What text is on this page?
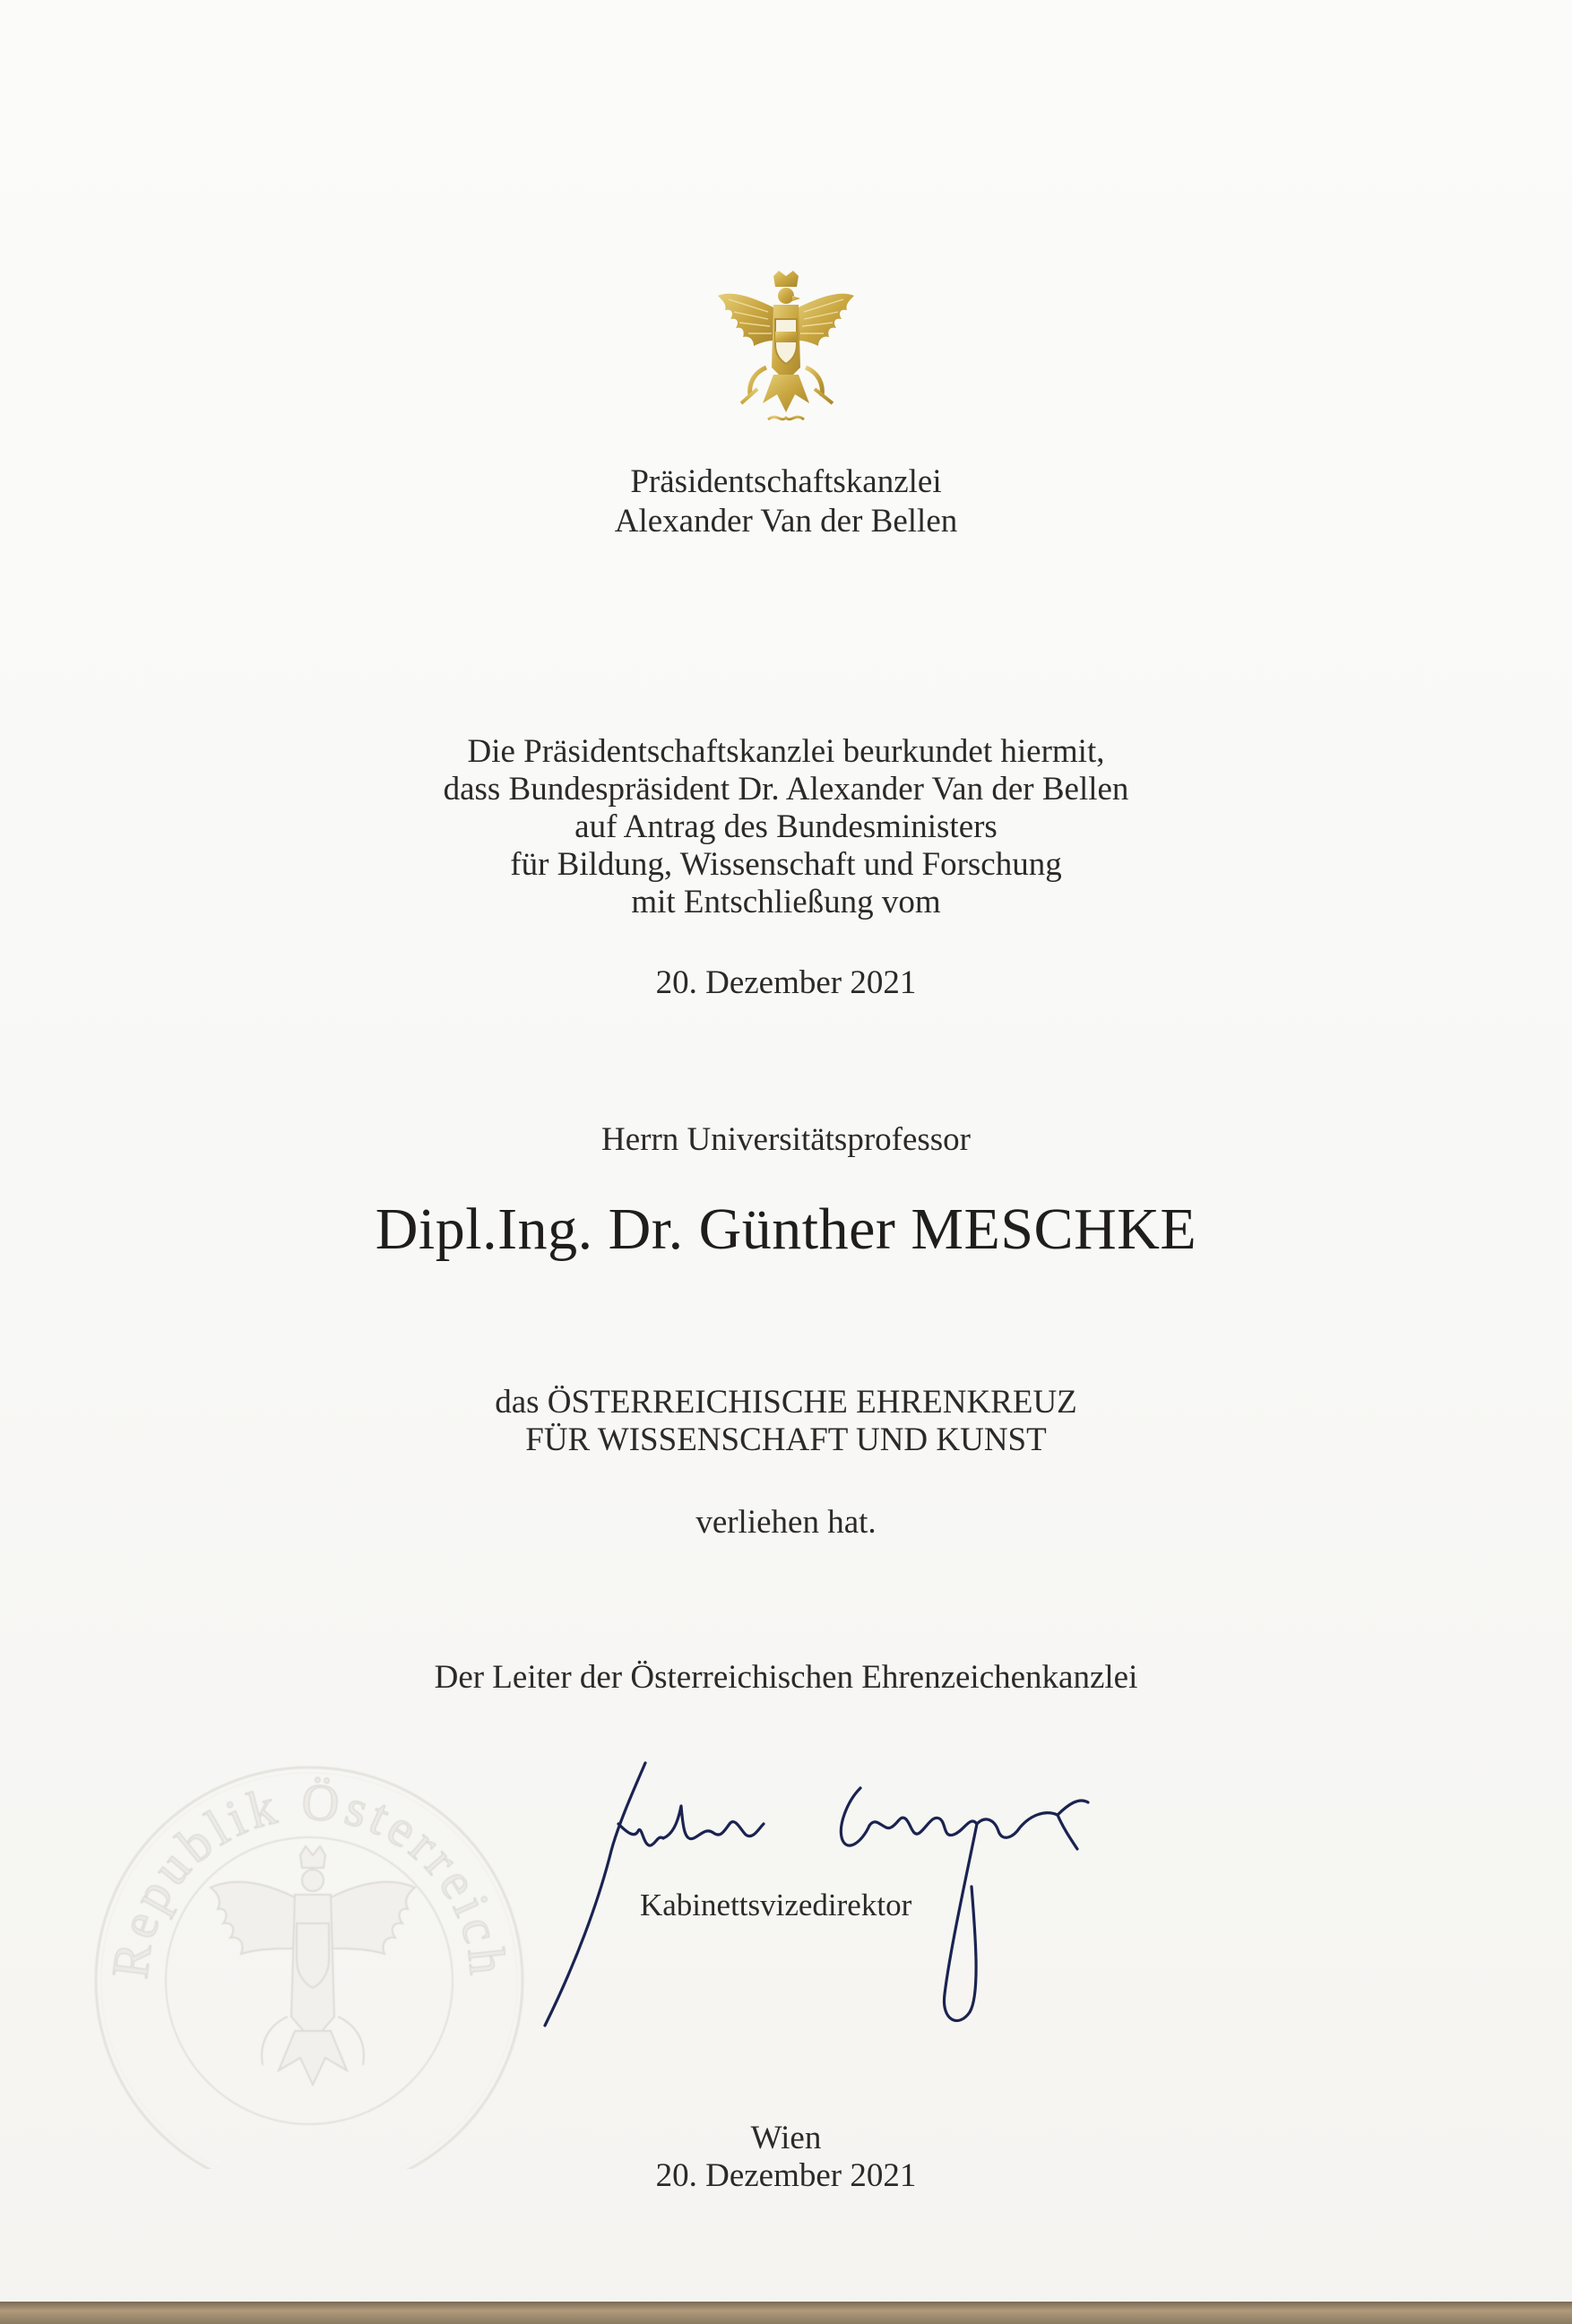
Präsidentschaftskanzlei
Alexander Van der Bellen
Die Präsidentschaftskanzlei beurkundet hiermit,
dass Bundespräsident Dr. Alexander Van der Bellen
auf Antrag des Bundesministers
für Bildung, Wissenschaft und Forschung
mit Entschließung vom
20. Dezember 2021
Herrn Universitätsprofessor
Dipl.Ing. Dr. Günther MESCHKE
das ÖSTERREICHISCHE EHRENKREUZ
FÜR WISSENSCHAFT UND KUNST
verliehen hat.
Der Leiter der Österreichischen Ehrenzeichenkanzlei
Republik Österreich
Kabinettsvizedirektor
Wien
20. Dezember 2021
